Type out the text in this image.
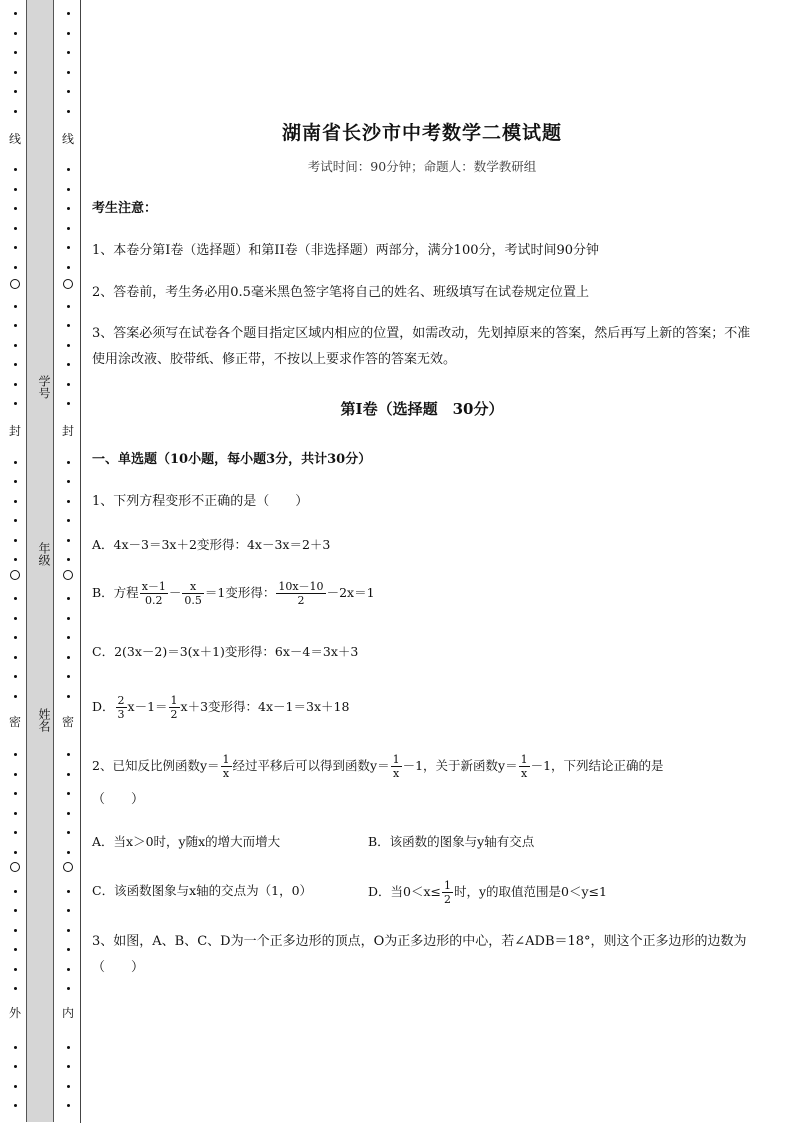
线
封
密
外
学号
年级
姓名
线
封
密
内
湖南省长沙市中考数学二模试题
考试时间：90分钟；命题人：数学教研组
考生注意：
1、本卷分第I卷（选择题）和第II卷（非选择题）两部分，满分100分，考试时间90分钟
2、答卷前，考生务必用0.5毫米黑色签字笔将自己的姓名、班级填写在试卷规定位置上
3、答案必须写在试卷各个题目指定区域内相应的位置，如需改动，先划掉原来的答案，然后再写上新的答案；不准使用涂改液、胶带纸、修正带，不按以上要求作答的答案无效。
第I卷（选择题　30分）
一、单选题（10小题，每小题3分，共计30分）
1、下列方程变形不正确的是（　　）
A．4x－3＝3x＋2变形得：4x－3x＝2＋3
B．方程 $\frac{x-1}{0.2} - \frac{x}{0.5} =1$变形得： $\frac{10x-10}{2} -2x=1$
C．2(3x－2)＝3(x＋1)变形得：6x－4＝3x＋3
D． $\frac{2}{3} x-1= \frac{1}{2} x+3$变形得：4x－1＝3x＋18
2、已知反比例函数$y= \frac{1}{x}$ 经过平移后可以得到函数$y= \frac{1}{x} -1$，关于新函数$y= \frac{1}{x} -1$，下列结论正确的是
（　　）
A．当x＞0时，y随x的增大而增大	B．该函数的图象与y轴有交点
C．该函数图象与x轴的交点为（1，0）	D．当$0<x\le \frac{1}{2}$ 时，y的取值范围是0＜y≤1
3、如图，A、B、C、D为一个正多边形的顶点，O为正多边形的中心，若∠ADB＝18°，则这个正多边形的边数为（　　）
